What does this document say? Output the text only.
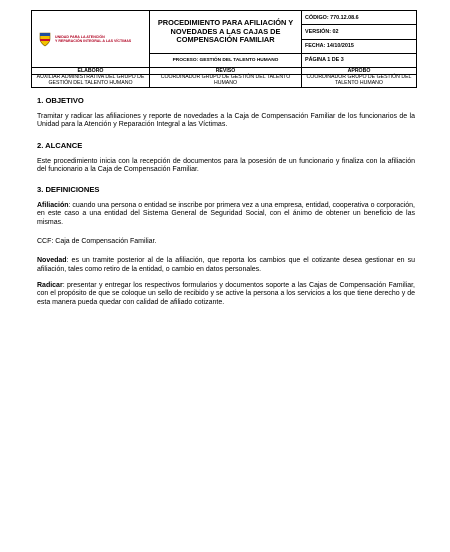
UNIDAD PARA LA ATENCIÓN
Y REPARACIÓN INTEGRAL A LAS VÍCTIMAS	PROCEDIMIENTO PARA AFILIACIÓN Y NOVEDADES A LAS CAJAS DE COMPENSACIÓN FAMILIAR	CÓDIGO: 770.12.08.6
		VERSIÓN: 02
		FECHA: 14/10/2015

	PROCESO: GESTIÓN DEL TALENTO HUMANO	PÁGINA 1 DE 3
ELABORÓ	REVISÓ	APROBÓ
AUXILIAR ADMINISTRATIVA DEL GRUPO DE GESTIÓN DEL TALENTO HUMANO	COORDINADOR GRUPO DE GESTIÓN DEL TALENTO HUMANO	COORDINADOR GRUPO DE GESTIÓN DEL TALENTO HUMANO
1. OBJETIVO

Tramitar y radicar las afiliaciones y reporte de novedades a la Caja de Compensación Familiar de los funcionarios de la Unidad para la Atención y Reparación Integral a las Víctimas.

2. ALCANCE

Este procedimiento inicia con la recepción de documentos para la posesión de un funcionario y finaliza con la afiliación del funcionario a la Caja de Compensación Familiar.

3. DEFINICIONES

Afiliación: cuando una persona o entidad se inscribe por primera vez a una empresa, entidad, cooperativa o corporación, en este caso a una entidad del Sistema General de Seguridad Social, con el ánimo de obtener un beneficio de las mismas.

CCF: Caja de Compensación Familiar.

Novedad: es un tramite posterior al de la afiliación, que reporta los cambios que el cotizante desea gestionar en su afiliación, tales como retiro de la entidad, o cambio en datos personales.

Radicar: presentar y entregar los respectivos formularios y documentos soporte a las Cajas de Compensación Familiar, con el propósito de que se coloque un sello de recibido y se active la persona a los servicios a los que tiene derecho y de esta manera pueda quedar con calidad de afiliado cotizante.
